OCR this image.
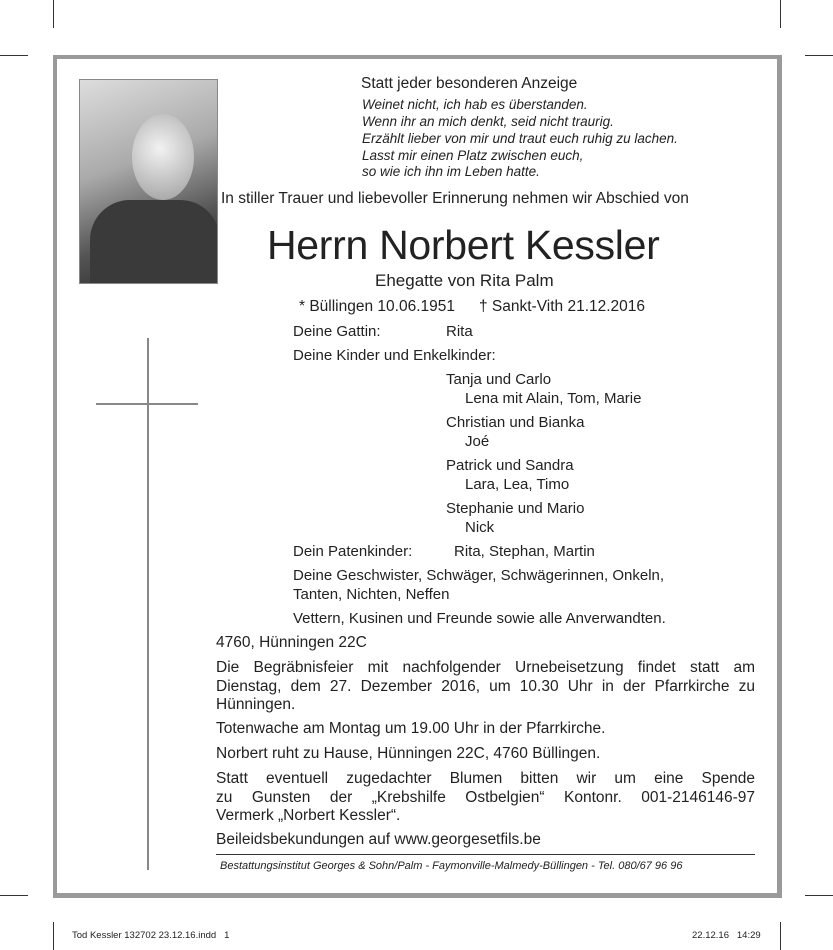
Statt jeder besonderen Anzeige
Weinet nicht, ich hab es überstanden.
Wenn ihr an mich denkt, seid nicht traurig.
Erzählt lieber von mir und traut euch ruhig zu lachen.
Lasst mir einen Platz zwischen euch,
so wie ich ihn im Leben hatte.
In stiller Trauer und liebevoller Erinnerung nehmen wir Abschied von
Herrn Norbert Kessler
Ehegatte von Rita Palm
* Büllingen 10.06.1951 † Sankt-Vith 21.12.2016
Deine Gattin:	Rita
Deine Kinder und Enkelkinder:
Tanja und Carlo
Lena mit Alain, Tom, Marie
Christian und Bianka
Joé
Patrick und Sandra
Lara, Lea, Timo
Stephanie und Mario
Nick
Dein Patenkinder:	Rita, Stephan, Martin
Deine Geschwister, Schwäger, Schwägerinnen, Onkeln,
Tanten, Nichten, Neffen
Vettern, Kusinen und Freunde sowie alle Anverwandten.
4760, Hünningen 22C
Die Begräbnisfeier mit nachfolgender Urnebeisetzung findet statt am
Dienstag, dem 27. Dezember 2016, um 10.30 Uhr in der Pfarrkirche zu
Hünningen.
Totenwache am Montag um 19.00 Uhr in der Pfarrkirche.
Norbert ruht zu Hause, Hünningen 22C, 4760 Büllingen.
Statt eventuell zugedachter Blumen bitten wir um eine Spende
zu Gunsten der „Krebshilfe Ostbelgien“ Kontonr. 001-2146146-97
Vermerk „Norbert Kessler“.
Beileidsbekundungen auf www.georgesetfils.be
Bestattungsinstitut Georges & Sohn/Palm - Faymonville-Malmedy-Büllingen - Tel. 080/67 96 96
Tod Kessler 132702 23.12.16.indd   1	22.12.16   14:29
